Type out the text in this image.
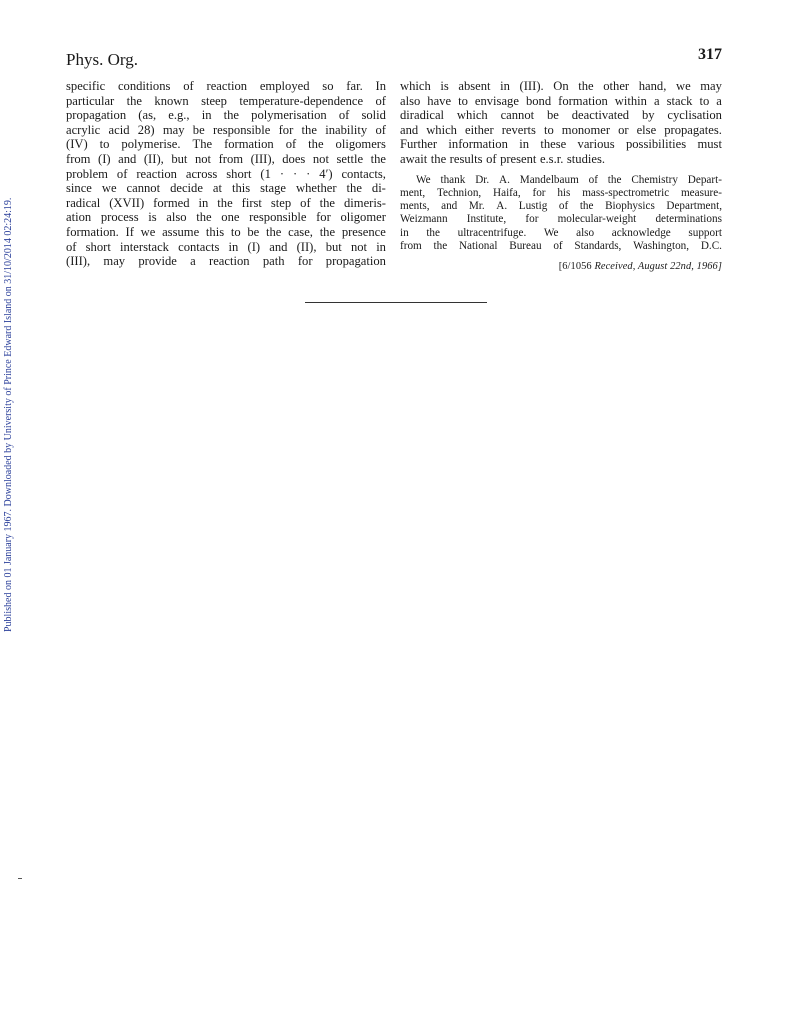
Phys. Org.	317
specific conditions of reaction employed so far. In
particular the known steep temperature-dependence of
propagation (as, e.g., in the polymerisation of solid
acrylic acid 28) may be responsible for the inability of
(IV) to polymerise. The formation of the oligomers
from (I) and (II), but not from (III), does not settle the
problem of reaction across short (1 · · · 4′) contacts,
since we cannot decide at this stage whether the di-
radical (XVII) formed in the first step of the dimeris-
ation process is also the one responsible for oligomer
formation. If we assume this to be the case, the presence
of short interstack contacts in (I) and (II), but not in
(III), may provide a reaction path for propagation
which is absent in (III). On the other hand, we may
also have to envisage bond formation within a stack to a
diradical which cannot be deactivated by cyclisation
and which either reverts to monomer or else propagates.
Further information in these various possibilities must
await the results of present e.s.r. studies.
We thank Dr. A. Mandelbaum of the Chemistry Depart-
ment, Technion, Haifa, for his mass-spectrometric measure-
ments, and Mr. A. Lustig of the Biophysics Department,
Weizmann Institute, for molecular-weight determinations
in the ultracentrifuge. We also acknowledge support
from the National Bureau of Standards, Washington, D.C.
[6/1056 Received, August 22nd, 1966]
Published on 01 January 1967. Downloaded by University of Prince Edward Island on 31/10/2014 02:24:19.
